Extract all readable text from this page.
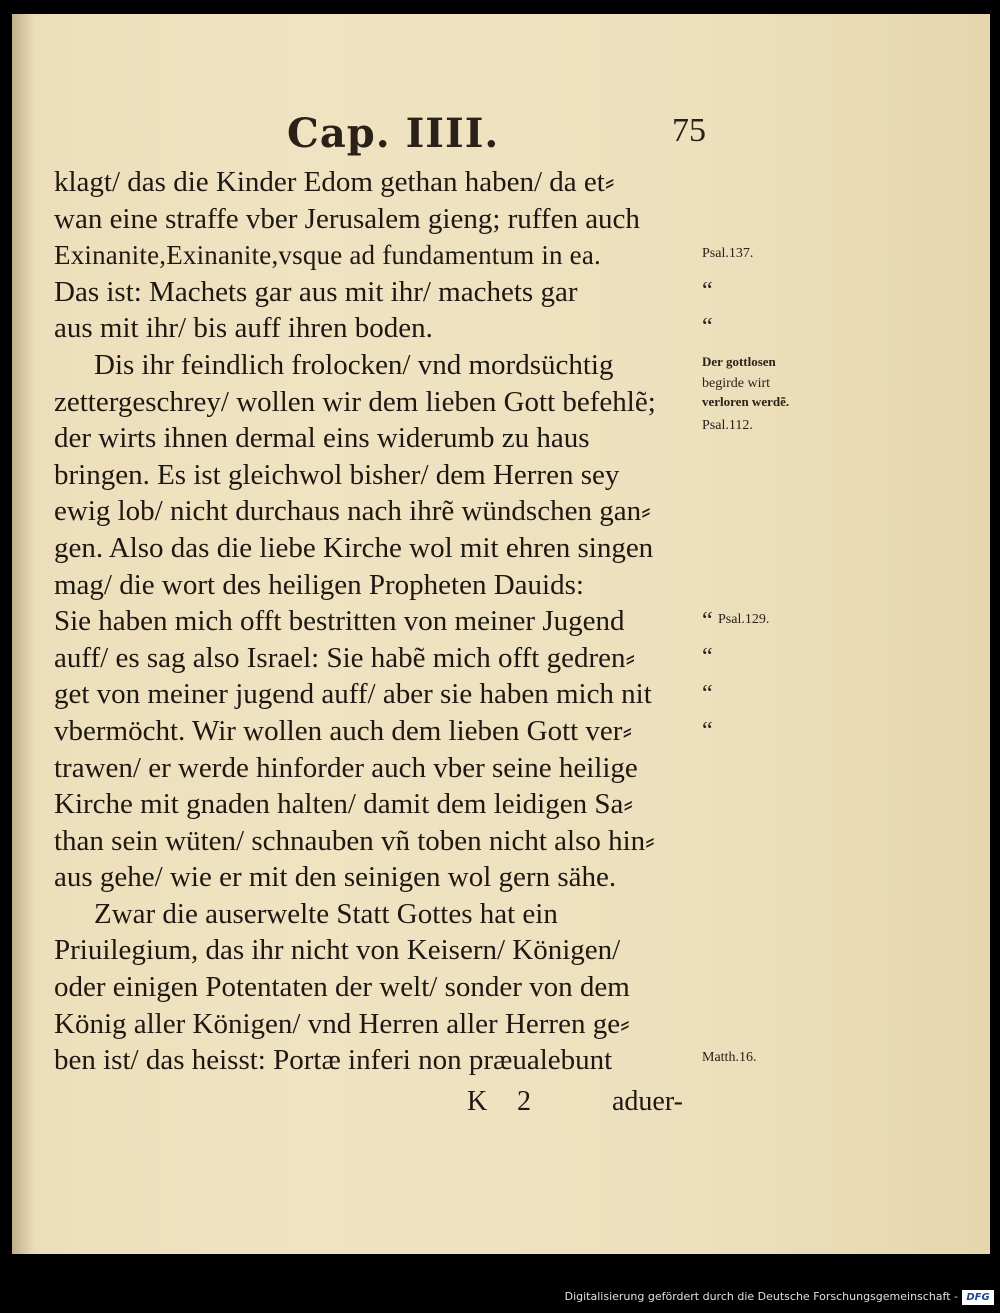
Cap. IIII.	75
klagt/ das die Kinder Edom gethan haben/ da et⸗
wan eine straffe vber Jerusalem gieng; ruffen auch
Exinanite,Exinanite,vsque ad fundamentum in ea.
Das ist: Machets gar aus mit ihr/ machets gar
aus mit ihr/ bis auff ihren boden.
Dis ihr feindlich frolocken/ vnd mordsüchtig
zettergeschrey/ wollen wir dem lieben Gott befehlẽ;
der wirts ihnen dermal eins widerumb zu haus
bringen. Es ist gleichwol bisher/ dem Herren sey
ewig lob/ nicht durchaus nach ihrẽ wündschen gan⸗
gen. Also das die liebe Kirche wol mit ehren singen
mag/ die wort des heiligen Propheten Dauids:
Sie haben mich offt bestritten von meiner Jugend
auff/ es sag also Israel: Sie habẽ mich offt gedren⸗
get von meiner jugend auff/ aber sie haben mich nit
vbermöcht. Wir wollen auch dem lieben Gott ver⸗
trawen/ er werde hinforder auch vber seine heilige
Kirche mit gnaden halten/ damit dem leidigen Sa⸗
than sein wüten/ schnauben vñ toben nicht also hin⸗
aus gehe/ wie er mit den seinigen wol gern sähe.
Zwar die auserwelte Statt Gottes hat ein
Priuilegium, das ihr nicht von Keisern/ Königen/
oder einigen Potentaten der welt/ sonder von dem
König aller Königen/ vnd Herren aller Herren ge⸗
ben ist/ das heisst: Portæ inferi non præualebunt
“
“
“
“
“
“
Psal.137.
Der gottlosen
begirde wirt
verloren werdẽ.
Psal.112.
Psal.129.
Matth.16.
K 2	aduer-
Digitalisierung gefördert durch die Deutsche Forschungsgemeinschaft - DFG
